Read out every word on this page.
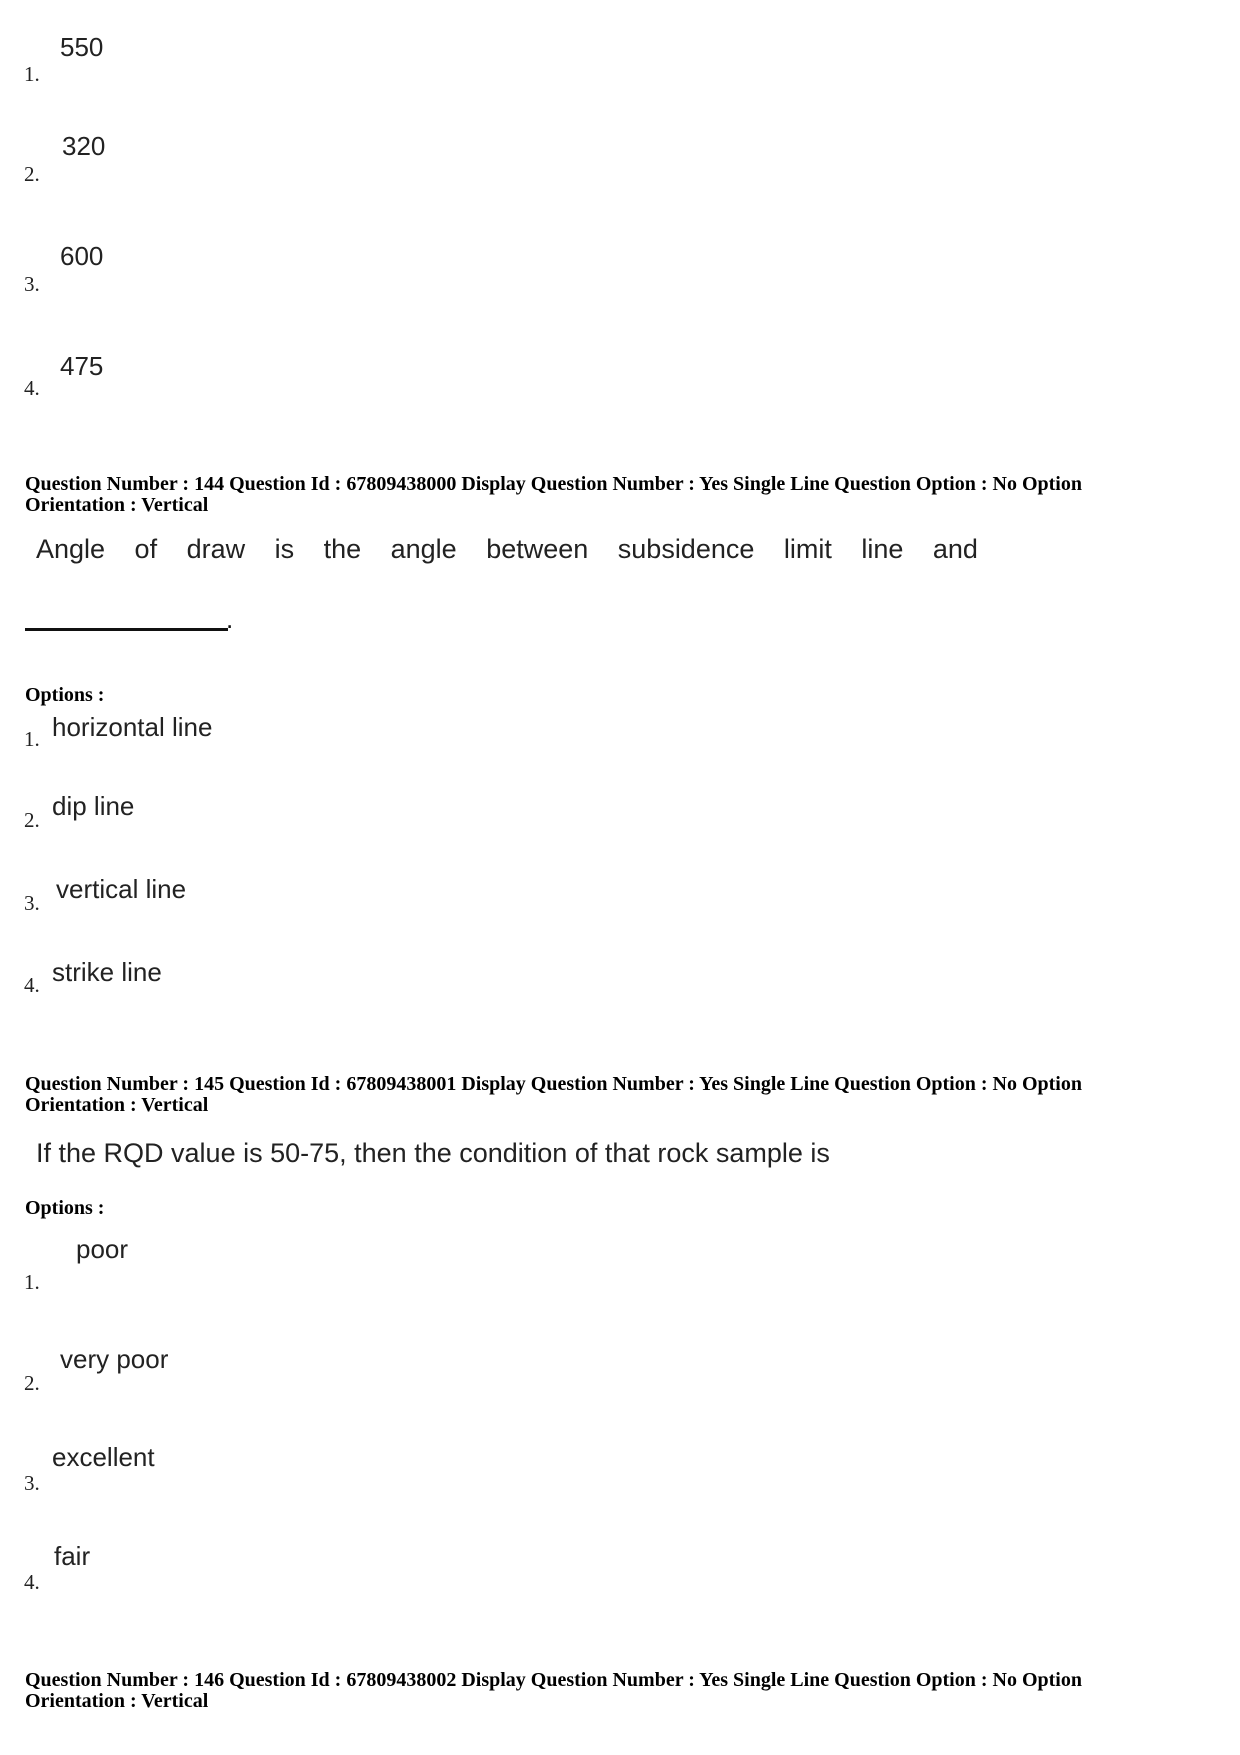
550
1.
320
2.
600
3.
475
4.
Question Number : 144 Question Id : 67809438000 Display Question Number : Yes Single Line Question Option : No Option
Orientation : Vertical
Angle of draw is the angle between subsidence limit line and
.
Options :
horizontal line
1.
dip line
2.
vertical line
3.
strike line
4.
Question Number : 145 Question Id : 67809438001 Display Question Number : Yes Single Line Question Option : No Option
Orientation : Vertical
If the RQD value is 50-75, then the condition of that rock sample is
Options :
poor
1.
very poor
2.
excellent
3.
fair
4.
Question Number : 146 Question Id : 67809438002 Display Question Number : Yes Single Line Question Option : No Option
Orientation : Vertical
